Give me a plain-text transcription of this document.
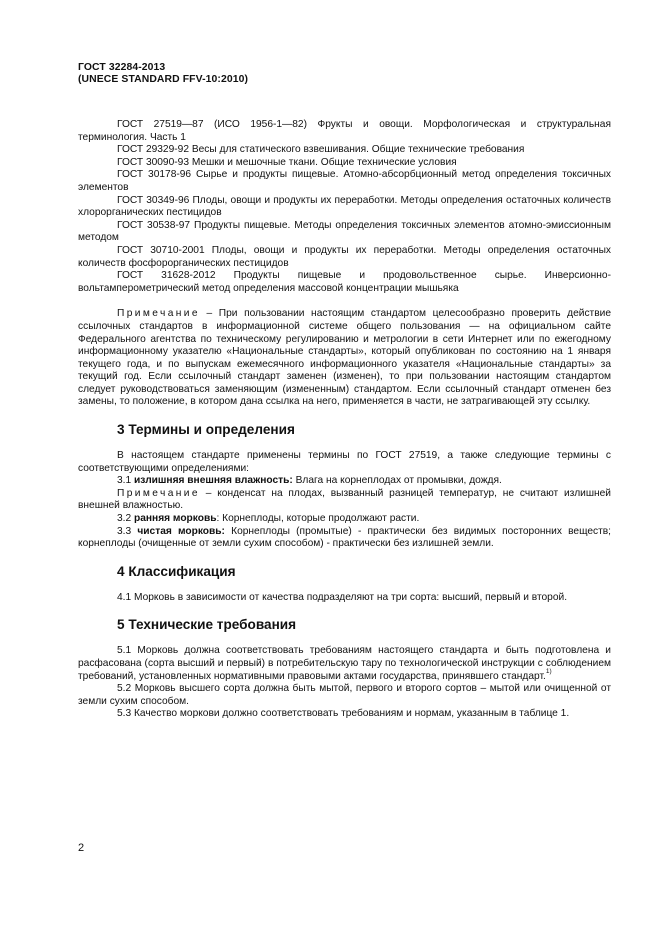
ГОСТ 32284-2013
(UNECE STANDARD FFV-10:2010)

ГОСТ 27519—87 (ИСО 1956-1—82) Фрукты и овощи. Морфологическая и структуральная терминология. Часть 1

ГОСТ 29329-92 Весы для статического взвешивания. Общие технические требования

ГОСТ 30090-93 Мешки и мешочные ткани. Общие технические условия

ГОСТ 30178-96 Сырье и продукты пищевые. Атомно-абсорбционный метод определения токсичных элементов

ГОСТ 30349-96 Плоды, овощи и продукты их переработки. Методы определения остаточных количеств хлорорганических пестицидов

ГОСТ 30538-97 Продукты пищевые. Методы определения токсичных элементов атомно-эмиссионным методом

ГОСТ 30710-2001 Плоды, овощи и продукты их переработки. Методы определения остаточных количеств фосфорорганических пестицидов

ГОСТ 31628-2012 Продукты пищевые и продовольственное сырье. Инверсионно-вольтамперометрический метод определения массовой концентрации мышьяка

Примечание – При пользовании настоящим стандартом целесообразно проверить действие ссылочных стандартов в информационной системе общего пользования — на официальном сайте Федерального агентства по техническому регулированию и метрологии в сети Интернет или по ежегодному информационному указателю «Национальные стандарты», который опубликован по состоянию на 1 января текущего года, и по выпускам ежемесячного информационного указателя «Национальные стандарты» за текущий год. Если ссылочный стандарт заменен (изменен), то при пользовании настоящим стандартом следует руководствоваться заменяющим (измененным) стандартом. Если ссылочный стандарт отменен без замены, то положение, в котором дана ссылка на него, применяется в части, не затрагивающей эту ссылку.

3 Термины и определения

В настоящем стандарте применены термины по ГОСТ 27519, а также следующие термины с соответствующими определениями:

3.1 излишняя внешняя влажность: Влага на корнеплодах от промывки, дождя.

Примечание – конденсат на плодах, вызванный разницей температур, не считают излишней внешней влажностью.

3.2 ранняя морковь: Корнеплоды, которые продолжают расти.

3.3 чистая морковь: Корнеплоды (промытые) - практически без видимых посторонних веществ; корнеплоды (очищенные от земли сухим способом) - практически без излишней земли.

4 Классификация

4.1 Морковь в зависимости от качества подразделяют на три сорта: высший, первый и второй.

5 Технические требования

5.1 Морковь должна соответствовать требованиям настоящего стандарта и быть подготовлена и расфасована (сорта высший и первый) в потребительскую тару по технологической инструкции с соблюдением требований, установленных нормативными правовыми актами государства, принявшего стандарт.$^{1)}$

5.2 Морковь высшего сорта должна быть мытой, первого и второго сортов – мытой или очищенной от земли сухим способом.

5.3 Качество моркови должно соответствовать требованиям и нормам, указанным в таблице 1.

2
